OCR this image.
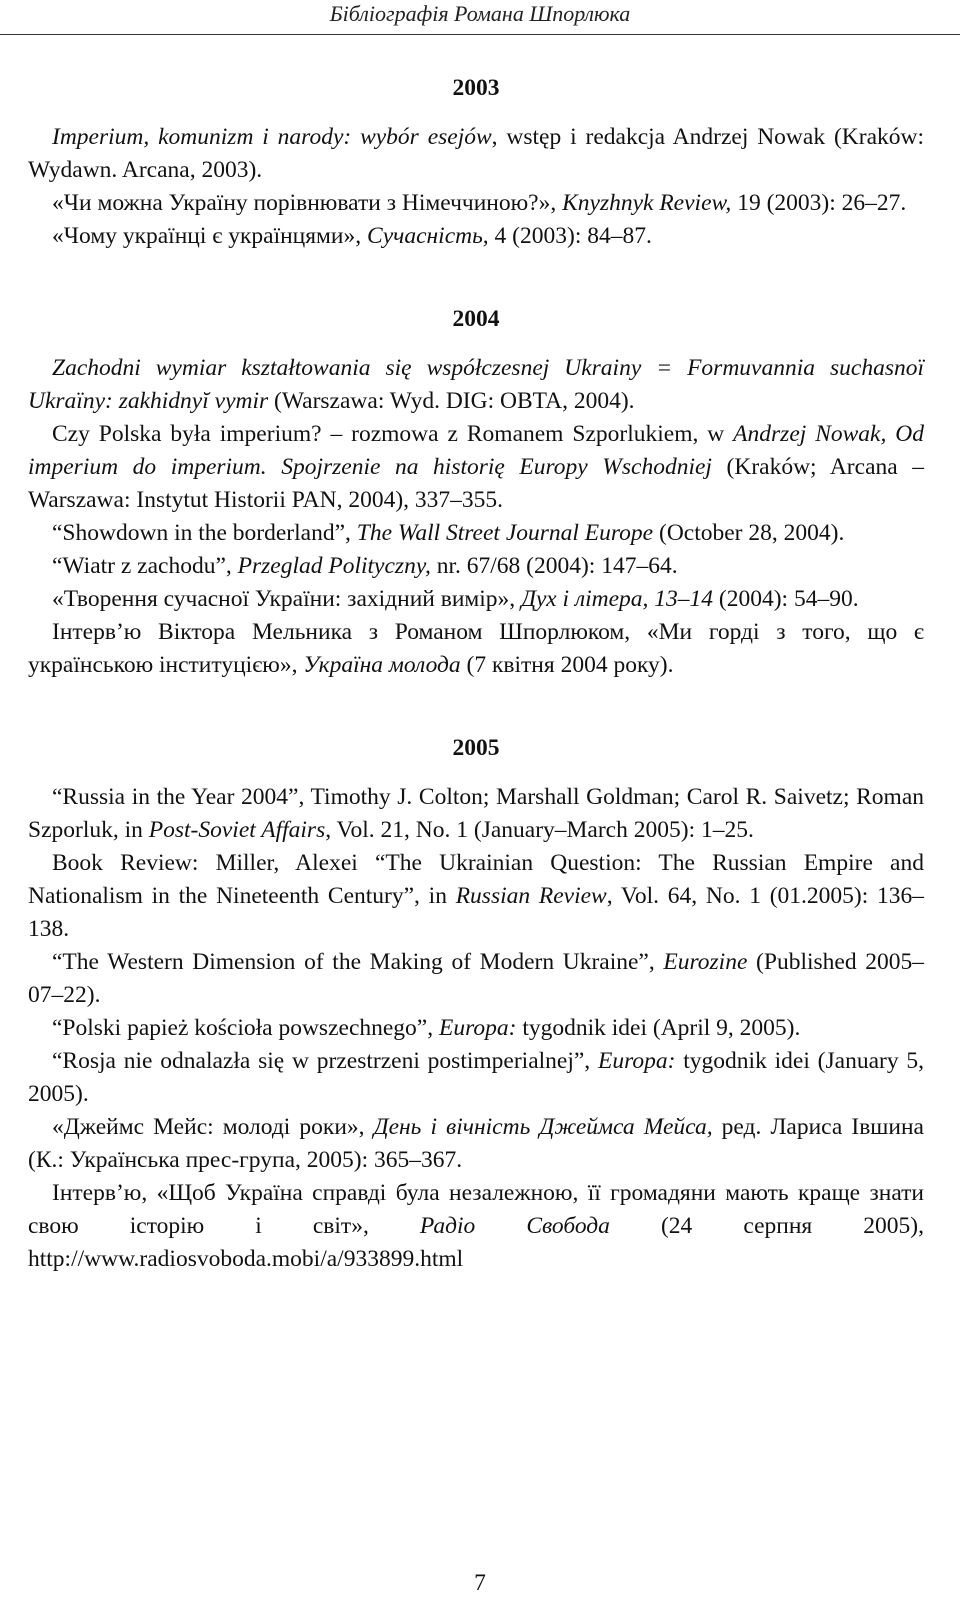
Бібліографія Романа Шпорлюка
2003

Imperium, komunizm i narody: wybór esejów, wstęp i redakcja Andrzej Nowak (Kraków: Wydawn. Arcana, 2003).

«Чи можна Україну порівнювати з Німеччиною?», Knyzhnyk Review, 19 (2003): 26–27.

«Чому українці є українцями», Сучасність, 4 (2003): 84–87.

2004

Zachodni wymiar kształtowania się współczesnej Ukrainy = Formuvannia suchasnoï Ukraïny: zakhidnyĭ vymir (Warszawa: Wyd. DIG: OBTA, 2004).

Czy Polska była imperium? – rozmowa z Romanem Szporlukiem, w Andrzej Nowak, Od imperium do imperium. Spojrzenie na historię Europy Wschodniej (Kraków; Arcana – Warszawa: Instytut Historii PAN, 2004), 337–355.

“Showdown in the borderland”, The Wall Street Journal Europe (October 28, 2004).

“Wiatr z zachodu”, Przeglad Polityczny, nr. 67/68 (2004): 147–64.

«Творення сучасної України: західний вимір», Дух і літера, 13–14 (2004): 54–90.

Інтерв’ю Віктора Мельника з Романом Шпорлюком, «Ми горді з того, що є українською інституцією», Україна молода (7 квітня 2004 року).

2005

“Russia in the Year 2004”, Timothy J. Colton; Marshall Goldman; Carol R. Saivetz; Roman Szporluk, in Post-Soviet Affairs, Vol. 21, No. 1 (January–March 2005): 1–25.

Book Review: Miller, Alexei “The Ukrainian Question: The Russian Empire and Nationalism in the Nineteenth Century”, in Russian Review, Vol. 64, No. 1 (01.2005): 136–138.

“The Western Dimension of the Making of Modern Ukraine”, Eurozine (Published 2005–07–22).

“Polski papież kościoła powszechnego”, Europa: tygodnik idei (April 9, 2005).

“Rosja nie odnalazła się w przestrzeni postimperialnej”, Europa: tygodnik idei (January 5, 2005).

«Джеймс Мейс: молоді роки», День і вічність Джеймса Мейса, ред. Лариса Івшина (К.: Українська прес-група, 2005): 365–367.

Інтерв’ю, «Щоб Україна справді була незалежною, її громадяни мають краще знати свою історію і світ», Радіо Свобода (24 серпня 2005), http://www.radiosvoboda.mobi/a/933899.html

7
